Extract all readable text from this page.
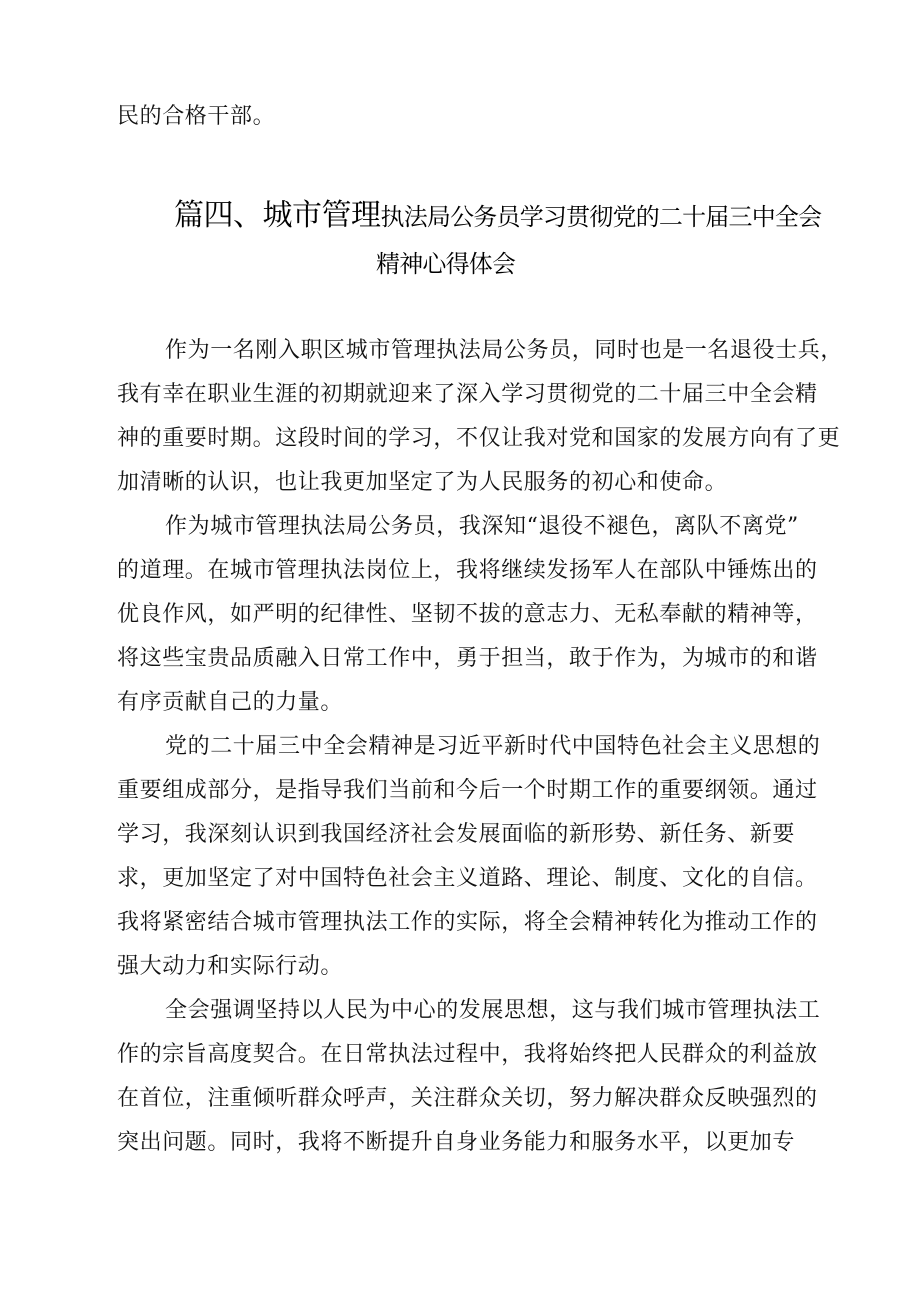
民的合格干部。
篇四、城市管理执法局公务员学习贯彻党的二十届三中全会
精神心得体会
作为一名刚入职区城市管理执法局公务员，同时也是一名退役士兵，
我有幸在职业生涯的初期就迎来了深入学习贯彻党的二十届三中全会精
神的重要时期。这段时间的学习，不仅让我对党和国家的发展方向有了更
加清晰的认识，也让我更加坚定了为人民服务的初心和使命。
作为城市管理执法局公务员，我深知“退役不褪色，离队不离党”
的道理。在城市管理执法岗位上，我将继续发扬军人在部队中锤炼出的
优良作风，如严明的纪律性、坚韧不拔的意志力、无私奉献的精神等，
将这些宝贵品质融入日常工作中，勇于担当，敢于作为，为城市的和谐
有序贡献自己的力量。
党的二十届三中全会精神是习近平新时代中国特色社会主义思想的
重要组成部分，是指导我们当前和今后一个时期工作的重要纲领。通过
学习，我深刻认识到我国经济社会发展面临的新形势、新任务、新要
求，更加坚定了对中国特色社会主义道路、理论、制度、文化的自信。
我将紧密结合城市管理执法工作的实际，将全会精神转化为推动工作的
强大动力和实际行动。
全会强调坚持以人民为中心的发展思想，这与我们城市管理执法工
作的宗旨高度契合。在日常执法过程中，我将始终把人民群众的利益放
在首位，注重倾听群众呼声，关注群众关切，努力解决群众反映强烈的
突出问题。同时，我将不断提升自身业务能力和服务水平，以更加专
